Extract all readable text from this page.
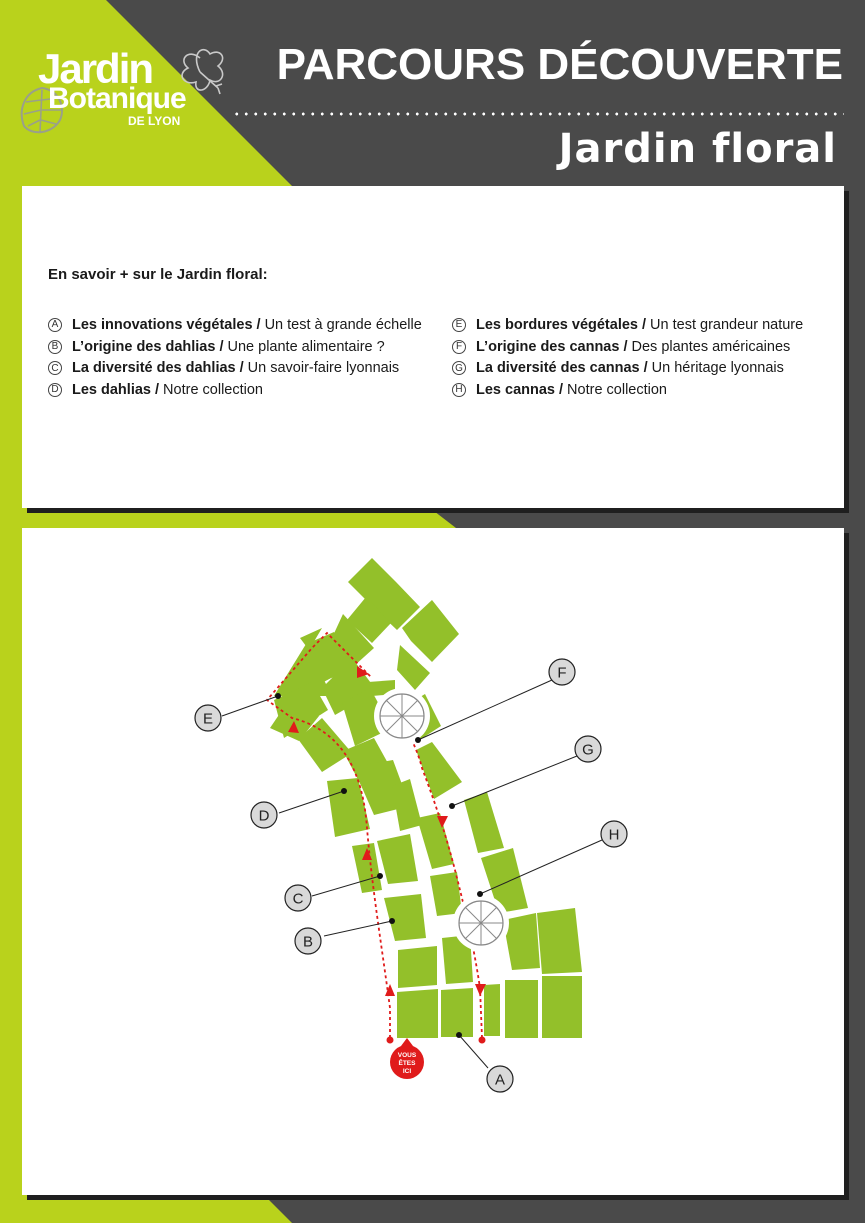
Jardin
Botanique
DE LYON
PARCOURS DÉCOUVERTE
Jardin floral
En savoir + sur le Jardin floral:
A Les innovations végétales / Un test à grande échelle
B L’origine des dahlias / Une plante alimentaire ?
C La diversité des dahlias / Un savoir-faire lyonnais
D Les dahlias / Notre collection
E Les bordures végétales / Un test grandeur nature
F L’origine des cannas / Des plantes américaines
G La diversité des cannas / Un héritage lyonnais
H Les cannas / Notre collection
A
B
C
D
E
F
G
H
VOUS
ÊTES
ICI
